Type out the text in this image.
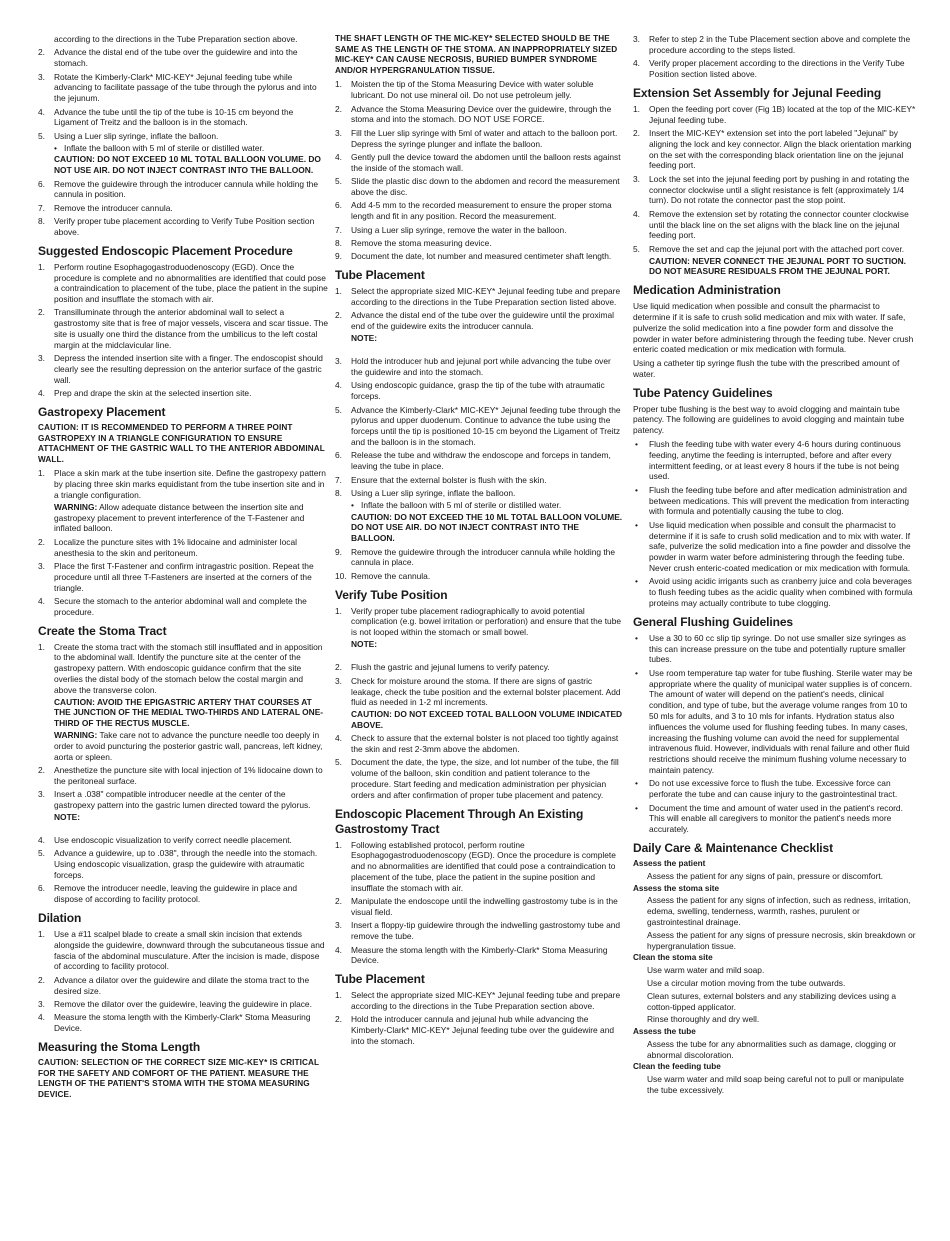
according to the directions in the Tube Preparation section above.
2. Advance the distal end of the tube over the guidewire and into the stomach.
3. Rotate the Kimberly-Clark* MIC-KEY* Jejunal feeding tube while advancing to facilitate passage of the tube through the pylorus and into the jejunum.
4. Advance the tube until the tip of the tube is 10-15 cm beyond the Ligament of Treitz and the balloon is in the stomach.
5. Using a Luer slip syringe, inflate the balloon.
• Inflate the balloon with 5 ml of sterile or distilled water.
CAUTION: DO NOT EXCEED 10 ML TOTAL BALLOON VOLUME. DO NOT USE AIR. DO NOT INJECT CONTRAST INTO THE BALLOON.
6. Remove the guidewire through the introducer cannula while holding the cannula in position.
7. Remove the introducer cannula.
8. Verify proper tube placement according to Verify Tube Position section above.
Suggested Endoscopic Placement Procedure
1. Perform routine Esophagogastroduodenoscopy (EGD). Once the procedure is complete and no abnormalities are identified that could pose a contraindication to placement of the tube, place the patient in the supine position and insufflate the stomach with air.
2. Transilluminate through the anterior abdominal wall to select a gastrostomy site that is free of major vessels, viscera and scar tissue. The site is usually one third the distance from the umbilicus to the left costal margin at the midclavicular line.
3. Depress the intended insertion site with a finger. The endoscopist should clearly see the resulting depression on the anterior surface of the gastric wall.
4. Prep and drape the skin at the selected insertion site.
Gastropexy Placement
CAUTION: IT IS RECOMMENDED TO PERFORM A THREE POINT GASTROPEXY IN A TRIANGLE CONFIGURATION TO ENSURE ATTACHMENT OF THE GASTRIC WALL TO THE ANTERIOR ABDOMINAL WALL.
1. Place a skin mark at the tube insertion site. Define the gastropexy pattern by placing three skin marks equidistant from the tube insertion site and in a triangle configuration.
WARNING: Allow adequate distance between the insertion site and gastropexy placement to prevent interference of the T-Fastener and inflated balloon.
2. Localize the puncture sites with 1% lidocaine and administer local anesthesia to the skin and peritoneum.
3. Place the first T-Fastener and confirm intragastric position. Repeat the procedure until all three T-Fasteners are inserted at the corners of the triangle.
4. Secure the stomach to the anterior abdominal wall and complete the procedure.
Create the Stoma Tract
1. Create the stoma tract with the stomach still insufflated and in apposition to the abdominal wall. Identify the puncture site at the center of the gastropexy pattern. With endoscopic guidance confirm that the site overlies the distal body of the stomach below the costal margin and above the transverse colon.
CAUTION: AVOID THE EPIGASTRIC ARTERY THAT COURSES AT THE JUNCTION OF THE MEDIAL TWO-THIRDS AND LATERAL ONE-THIRD OF THE RECTUS MUSCLE.
WARNING: Take care not to advance the puncture needle too deeply in order to avoid puncturing the posterior gastric wall, pancreas, left kidney, aorta or spleen.
2. Anesthetize the puncture site with local injection of 1% lidocaine down to the peritoneal surface.
3. Insert a .038" compatible introducer needle at the center of the gastropexy pattern into the gastric lumen directed toward the pylorus.
NOTE:
4. Use endoscopic visualization to verify correct needle placement.
5. Advance a guidewire, up to .038", through the needle into the stomach. Using endoscopic visualization, grasp the guidewire with atraumatic forceps.
6. Remove the introducer needle, leaving the guidewire in place and dispose of according to facility protocol.
Dilation
1. Use a #11 scalpel blade to create a small skin incision that extends alongside the guidewire, downward through the subcutaneous tissue and fascia of the abdominal musculature. After the incision is made, dispose of according to facility protocol.
2. Advance a dilator over the guidewire and dilate the stoma tract to the desired size.
3. Remove the dilator over the guidewire, leaving the guidewire in place.
4. Measure the stoma length with the Kimberly-Clark* Stoma Measuring Device.
Measuring the Stoma Length
CAUTION: SELECTION OF THE CORRECT SIZE MIC-KEY* IS CRITICAL FOR THE SAFETY AND COMFORT OF THE PATIENT. MEASURE THE LENGTH OF THE PATIENT'S STOMA WITH THE STOMA MEASURING DEVICE.
THE SHAFT LENGTH OF THE MIC-KEY* SELECTED SHOULD BE THE SAME AS THE LENGTH OF THE STOMA. AN INAPPROPRIATELY SIZED MIC-KEY* CAN CAUSE NECROSIS, BURIED BUMPER SYNDROME AND/OR HYPERGRANULATION TISSUE.
1. Moisten the tip of the Stoma Measuring Device with water soluble lubricant. Do not use mineral oil. Do not use petroleum jelly.
2. Advance the Stoma Measuring Device over the guidewire, through the stoma and into the stomach. DO NOT USE FORCE.
3. Fill the Luer slip syringe with 5ml of water and attach to the balloon port. Depress the syringe plunger and inflate the balloon.
4. Gently pull the device toward the abdomen until the balloon rests against the inside of the stomach wall.
5. Slide the plastic disc down to the abdomen and record the measurement above the disc.
6. Add 4-5 mm to the recorded measurement to ensure the proper stoma length and fit in any position. Record the measurement.
7. Using a Luer slip syringe, remove the water in the balloon.
8. Remove the stoma measuring device.
9. Document the date, lot number and measured centimeter shaft length.
Tube Placement
1. Select the appropriate sized MIC-KEY* Jejunal feeding tube and prepare according to the directions in the Tube Preparation section listed above.
2. Advance the distal end of the tube over the guidewire until the proximal end of the guidewire exits the introducer cannula.
NOTE:
3. Hold the introducer hub and jejunal port while advancing the tube over the guidewire and into the stomach.
4. Using endoscopic guidance, grasp the tip of the tube with atraumatic forceps.
5. Advance the Kimberly-Clark* MIC-KEY* Jejunal feeding tube through the pylorus and upper duodenum. Continue to advance the tube using the forceps until the tip is positioned 10-15 cm beyond the Ligament of Treitz and the balloon is in the stomach.
6. Release the tube and withdraw the endoscope and forceps in tandem, leaving the tube in place.
7. Ensure that the external bolster is flush with the skin.
8. Using a Luer slip syringe, inflate the balloon.
• Inflate the balloon with 5 ml of sterile or distilled water.
CAUTION: DO NOT EXCEED THE 10 ML TOTAL BALLOON VOLUME. DO NOT USE AIR. DO NOT INJECT CONTRAST INTO THE BALLOON.
9. Remove the guidewire through the introducer cannula while holding the cannula in place.
10. Remove the cannula.
Verify Tube Position
1. Verify proper tube placement radiographically to avoid potential complication (e.g. bowel irritation or perforation) and ensure that the tube is not looped within the stomach or small bowel.
NOTE:
2. Flush the gastric and jejunal lumens to verify patency.
3. Check for moisture around the stoma. If there are signs of gastric leakage, check the tube position and the external bolster placement. Add fluid as needed in 1-2 ml increments.
CAUTION: DO NOT EXCEED TOTAL BALLOON VOLUME INDICATED ABOVE.
4. Check to assure that the external bolster is not placed too tightly against the skin and rest 2-3mm above the abdomen.
5. Document the date, the type, the size, and lot number of the tube, the fill volume of the balloon, skin condition and patient tolerance to the procedure. Start feeding and medication administration per physician orders and after confirmation of proper tube placement and patency.
Endoscopic Placement Through An Existing Gastrostomy Tract
1. Following established protocol, perform routine Esophagogastroduodenoscopy (EGD). Once the procedure is complete and no abnormalities are identified that could pose a contraindication to placement of the tube, place the patient in the supine position and insufflate the stomach with air.
2. Manipulate the endoscope until the indwelling gastrostomy tube is in the visual field.
3. Insert a floppy-tip guidewire through the indwelling gastrostomy tube and remove the tube.
4. Measure the stoma length with the Kimberly-Clark* Stoma Measuring Device.
Tube Placement
1. Select the appropriate sized MIC-KEY* Jejunal feeding tube and prepare according to the directions in the Tube Preparation section above.
2. Hold the introducer cannula and jejunal hub while advancing the Kimberly-Clark* MIC-KEY* Jejunal feeding tube over the guidewire and into the stomach.
3. Refer to step 2 in the Tube Placement section above and complete the procedure according to the steps listed.
4. Verify proper placement according to the directions in the Verify Tube Position section listed above.
Extension Set Assembly for Jejunal Feeding
1. Open the feeding port cover (Fig 1B) located at the top of the MIC-KEY* Jejunal feeding tube.
2. Insert the MIC-KEY* extension set into the port labeled "Jejunal" by aligning the lock and key connector. Align the black orientation marking on the set with the corresponding black orientation line on the jejunal feeding port.
3. Lock the set into the jejunal feeding port by pushing in and rotating the connector clockwise until a slight resistance is felt (approximately 1/4 turn). Do not rotate the connector past the stop point.
4. Remove the extension set by rotating the connector counter clockwise until the black line on the set aligns with the black line on the jejunal feeding port.
5. Remove the set and cap the jejunal port with the attached port cover.
CAUTION: NEVER CONNECT THE JEJUNAL PORT TO SUCTION. DO NOT MEASURE RESIDUALS FROM THE JEJUNAL PORT.
Medication Administration
Use liquid medication when possible and consult the pharmacist to determine if it is safe to crush solid medication and mix with water. If safe, pulverize the solid medication into a fine powder form and dissolve the powder in water before administering through the feeding tube. Never crush enteric coated medication or mix medication with formula.
Using a catheter tip syringe flush the tube with the prescribed amount of water.
Tube Patency Guidelines
Proper tube flushing is the best way to avoid clogging and maintain tube patency. The following are guidelines to avoid clogging and maintain tube patency.
• Flush the feeding tube with water every 4-6 hours during continuous feeding, anytime the feeding is interrupted, before and after every intermittent feeding, or at least every 8 hours if the tube is not being used.
• Flush the feeding tube before and after medication administration and between medications. This will prevent the medication from interacting with formula and potentially causing the tube to clog.
• Use liquid medication when possible and consult the pharmacist to determine if it is safe to crush solid medication and to mix with water. If safe, pulverize the solid medication into a fine powder and dissolve the powder in warm water before administering through the feeding tube. Never crush enteric-coated medication or mix medication with formula.
• Avoid using acidic irrigants such as cranberry juice and cola beverages to flush feeding tubes as the acidic quality when combined with formula proteins may actually contribute to tube clogging.
General Flushing Guidelines
• Use a 30 to 60 cc slip tip syringe. Do not use smaller size syringes as this can increase pressure on the tube and potentially rupture smaller tubes.
• Use room temperature tap water for tube flushing. Sterile water may be appropriate where the quality of municipal water supplies is of concern. The amount of water will depend on the patient's needs, clinical condition, and type of tube, but the average volume ranges from 10 to 50 mls for adults, and 3 to 10 mls for infants. Hydration status also influences the volume used for flushing feeding tubes. In many cases, increasing the flushing volume can avoid the need for supplemental intravenous fluid. However, individuals with renal failure and other fluid restrictions should receive the minimum flushing volume necessary to maintain patency.
• Do not use excessive force to flush the tube. Excessive force can perforate the tube and can cause injury to the gastrointestinal tract.
• Document the time and amount of water used in the patient's record. This will enable all caregivers to monitor the patient's needs more accurately.
Daily Care & Maintenance Checklist
Assess the patient
Assess the patient for any signs of pain, pressure or discomfort.
Assess the stoma site
Assess the patient for any signs of infection, such as redness, irritation, edema, swelling, tenderness, warmth, rashes, purulent or gastrointestinal drainage.
Assess the patient for any signs of pressure necrosis, skin breakdown or hypergranulation tissue.
Clean the stoma site
Use warm water and mild soap.
Use a circular motion moving from the tube outwards.
Clean sutures, external bolsters and any stabilizing devices using a cotton-tipped applicator.
Rinse thoroughly and dry well.
Assess the tube
Assess the tube for any abnormalities such as damage, clogging or abnormal discoloration.
Clean the feeding tube
Use warm water and mild soap being careful not to pull or manipulate the tube excessively.
